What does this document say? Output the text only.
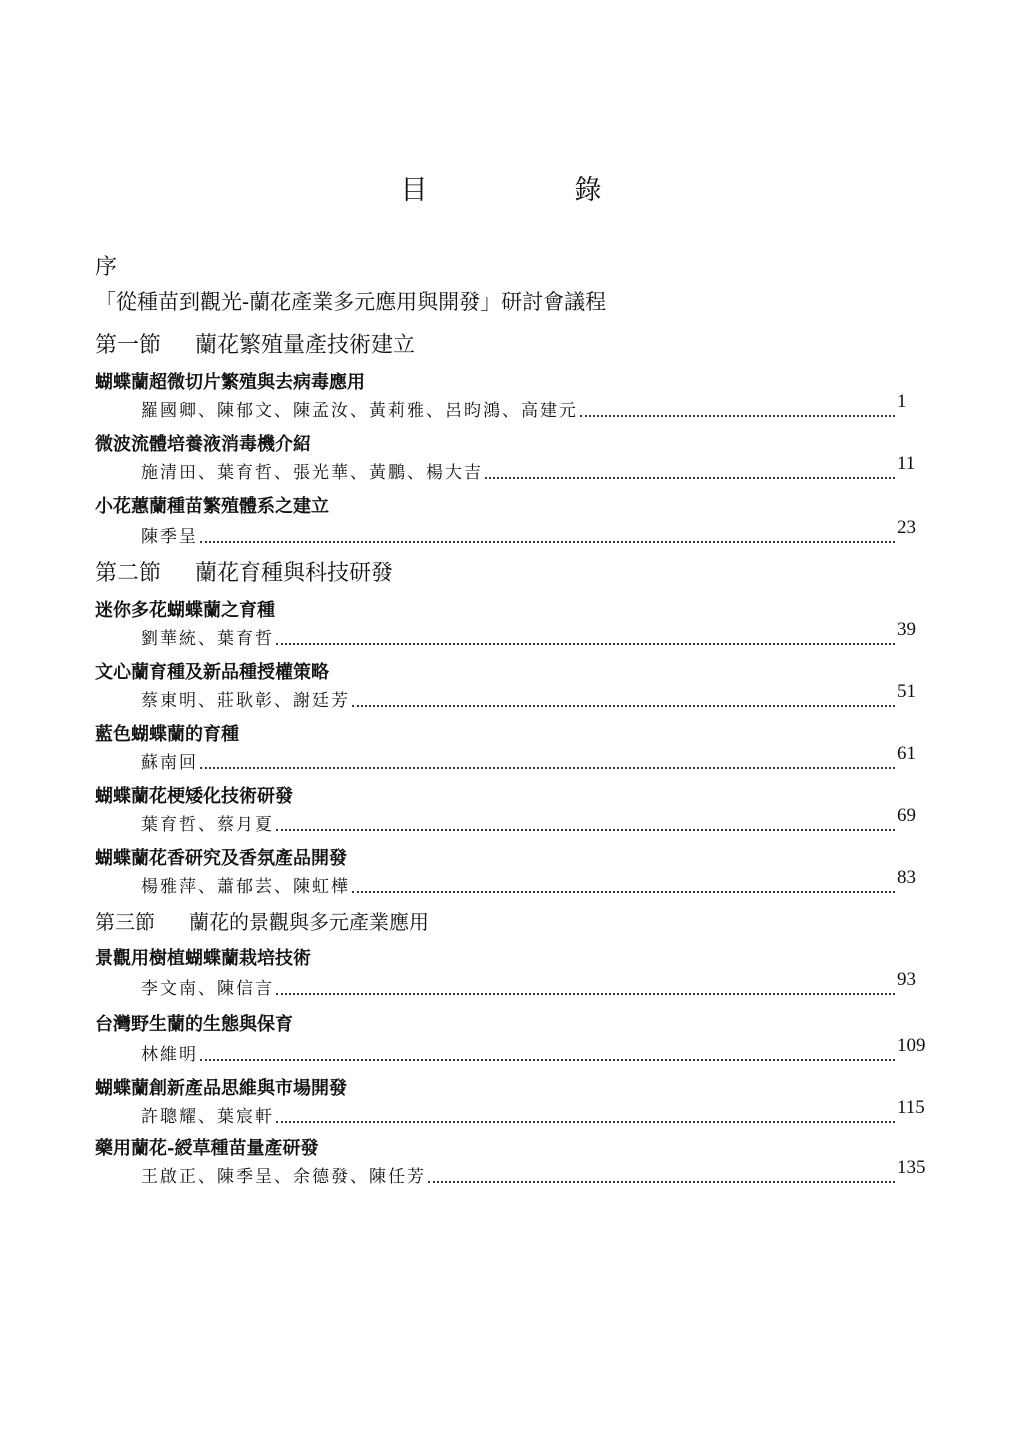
目　錄
序
「從種苗到觀光-蘭花產業多元應用與開發」研討會議程
第一節 蘭花繁殖量產技術建立
蝴蝶蘭超微切片繁殖與去病毒應用
羅國卿、陳郁文、陳孟汝、黃莉雅、呂昀鴻、高建元	1
微波流體培養液消毒機介紹
施清田、葉育哲、張光華、黃鵬、楊大吉	11
小花蕙蘭種苗繁殖體系之建立
陳季呈	23
第二節 蘭花育種與科技研發
迷你多花蝴蝶蘭之育種
劉華統、葉育哲	39
文心蘭育種及新品種授權策略
蔡東明、莊耿彰、謝廷芳	51
藍色蝴蝶蘭的育種
蘇南回	61
蝴蝶蘭花梗矮化技術研發
葉育哲、蔡月夏	69
蝴蝶蘭花香研究及香氛產品開發
楊雅萍、蕭郁芸、陳虹樺	83
第三節 蘭花的景觀與多元產業應用
景觀用樹植蝴蝶蘭栽培技術
李文南、陳信言	93
台灣野生蘭的生態與保育
林維明	109
蝴蝶蘭創新產品思維與市場開發
許聰耀、葉宸軒	115
藥用蘭花-綬草種苗量產研發
王啟正、陳季呈、余德發、陳任芳	135
